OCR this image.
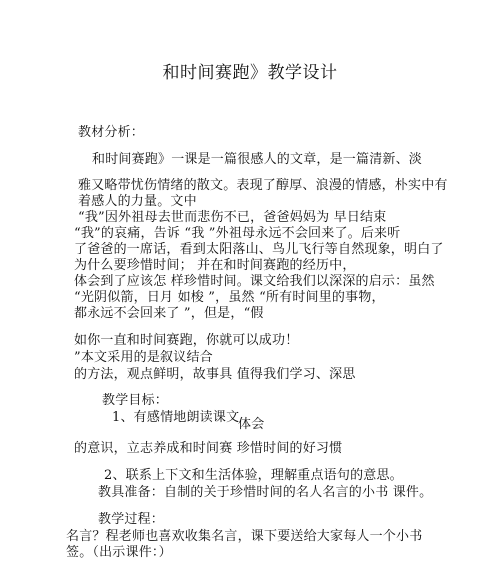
和时间赛跑》教学设计
教材分析：
和时间赛跑》一课是一篇很感人的文章，是一篇清新、淡
雅又略带忧伤情绪的散文。表现了醇厚、浪漫的情感，朴实中有
着感人的力量。文中
“我”因外祖母去世而悲伤不已，爸爸妈妈为 早日结束
“我”的哀痛，告诉 “我 ”外祖母永远不会回来了。后来听
了爸爸的一席话，看到太阳落山、鸟儿飞行等自然现象，明白了
为什么要珍惜时间； 并在和时间赛跑的经历中，
体会到了应该怎 样珍惜时间。课文给我们以深深的启示：虽然
“光阴似箭，日月 如梭 ”，虽然 “所有时间里的事物，
都永远不会回来了 ”，但是，“假
如你一直和时间赛跑，你就可以成功！
”本文采用的是叙议结合
的方法，观点鲜明，故事具 值得我们学习、深思
教学目标：
1、有感情地朗读课文
体会
的意识，立志养成和时间赛 珍惜时间的好习惯
2、联系上下文和生活体验，理解重点语句的意思。
教具准备：自制的关于珍惜时间的名人名言的小书 课件。
教学过程：
名言？程老师也喜欢收集名言，课下要送给大家每人一个小书
签。（出示课件：）
